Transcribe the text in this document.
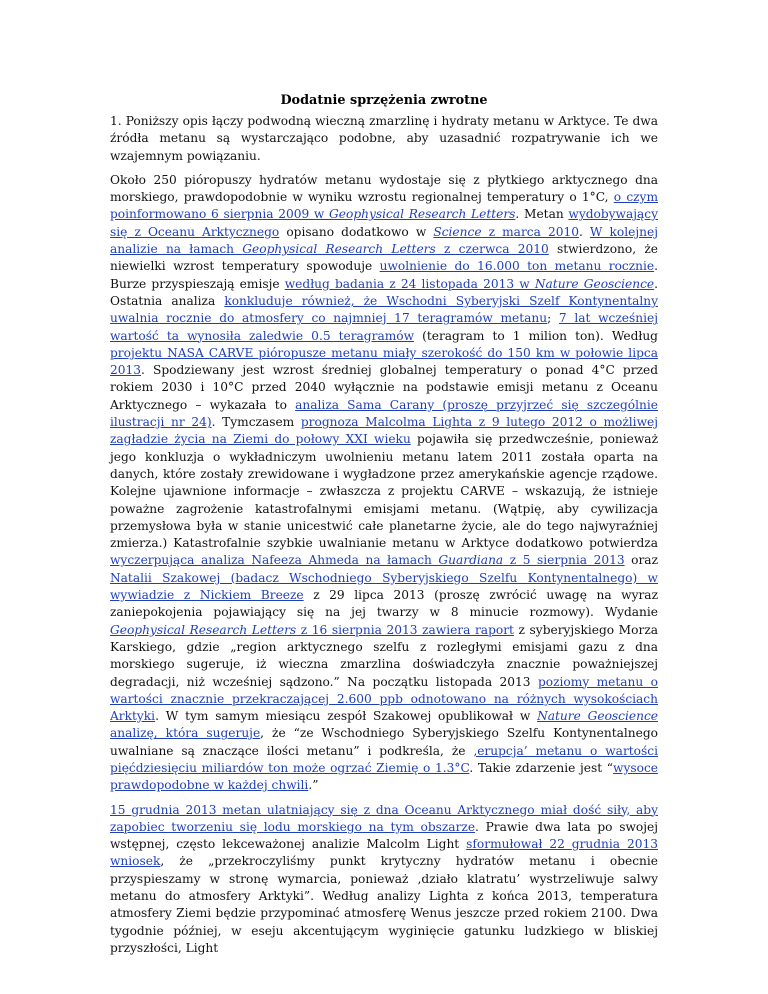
Dodatnie sprzężenia zwrotne

1. Poniższy opis łączy podwodną wieczną zmarzlinę i hydraty metanu w Arktyce. Te dwa źródła metanu są wystarczająco podobne, aby uzasadnić rozpatrywanie ich we wzajemnym powiązaniu.

Około 250 pióropuszy hydratów metanu wydostaje się z płytkiego arktycznego dna morskiego, prawdopodobnie w wyniku wzrostu regionalnej temperatury o 1°C, o czym poinformowano 6 sierpnia 2009 w Geophysical Research Letters. Metan wydobywający się z Oceanu Arktycznego opisano dodatkowo w Science z marca 2010. W kolejnej analizie na łamach Geophysical Research Letters z czerwca 2010 stwierdzono, że niewielki wzrost temperatury spowoduje uwolnienie do 16.000 ton metanu rocznie. Burze przyspieszają emisje według badania z 24 listopada 2013 w Nature Geoscience. Ostatnia analiza konkluduje również, że Wschodni Syberyjski Szelf Kontynentalny uwalnia rocznie do atmosfery co najmniej 17 teragramów metanu; 7 lat wcześniej wartość ta wynosiła zaledwie 0.5 teragramów (teragram to 1 milion ton). Według projektu NASA CARVE pióropusze metanu miały szerokość do 150 km w połowie lipca 2013. Spodziewany jest wzrost średniej globalnej temperatury o ponad 4°C przed rokiem 2030 i 10°C przed 2040 wyłącznie na podstawie emisji metanu z Oceanu Arktycznego – wykazała to analiza Sama Carany (proszę przyjrzeć się szczególnie ilustracji nr 24). Tymczasem prognoza Malcolma Lighta z 9 lutego 2012 o możliwej zagładzie życia na Ziemi do połowy XXI wieku pojawiła się przedwcześnie, ponieważ jego konkluzja o wykładniczym uwolnieniu metanu latem 2011 została oparta na danych, które zostały zrewidowane i wygładzone przez amerykańskie agencje rządowe. Kolejne ujawnione informacje – zwłaszcza z projektu CARVE – wskazują, że istnieje poważne zagrożenie katastrofalnymi emisjami metanu. (Wątpię, aby cywilizacja przemysłowa była w stanie unicestwić całe planetarne życie, ale do tego najwyraźniej zmierza.) Katastrofalnie szybkie uwalnianie metanu w Arktyce dodatkowo potwierdza wyczerpująca analiza Nafeeza Ahmeda na łamach Guardiana z 5 sierpnia 2013 oraz Natalii Szakowej (badacz Wschodniego Syberyjskiego Szelfu Kontynentalnego) w wywiadzie z Nickiem Breeze z 29 lipca 2013 (proszę zwrócić uwagę na wyraz zaniepokojenia pojawiający się na jej twarzy w 8 minucie rozmowy). Wydanie Geophysical Research Letters z 16 sierpnia 2013 zawiera raport z syberyjskiego Morza Karskiego, gdzie „region arktycznego szelfu z rozległymi emisjami gazu z dna morskiego sugeruje, iż wieczna zmarzlina doświadczyła znacznie poważniejszej degradacji, niż wcześniej sądzono.” Na początku listopada 2013 poziomy metanu o wartości znacznie przekraczającej 2.600 ppb odnotowano na różnych wysokościach Arktyki. W tym samym miesiącu zespół Szakowej opublikował w Nature Geoscience analizę, która sugeruje, że “ze Wschodniego Syberyjskiego Szelfu Kontynentalnego uwalniane są znaczące ilości metanu” i podkreśla, że ‚erupcja’ metanu o wartości pięćdziesięciu miliardów ton może ogrzać Ziemię o 1.3°C. Takie zdarzenie jest “wysoce prawdopodobne w każdej chwili.”

15 grudnia 2013 metan ulatniający się z dna Oceanu Arktycznego miał dość siły, aby zapobiec tworzeniu się lodu morskiego na tym obszarze. Prawie dwa lata po swojej wstępnej, często lekceważonej analizie Malcolm Light sformułował 22 grudnia 2013 wniosek, że „przekroczyliśmy punkt krytyczny hydratów metanu i obecnie przyspieszamy w stronę wymarcia, ponieważ ‚działo klatratu’ wystrzeliwuje salwy metanu do atmosfery Arktyki”. Według analizy Lighta z końca 2013, temperatura atmosfery Ziemi będzie przypominać atmosferę Wenus jeszcze przed rokiem 2100. Dwa tygodnie później, w eseju akcentującym wyginięcie gatunku ludzkiego w bliskiej przyszłości, Light
